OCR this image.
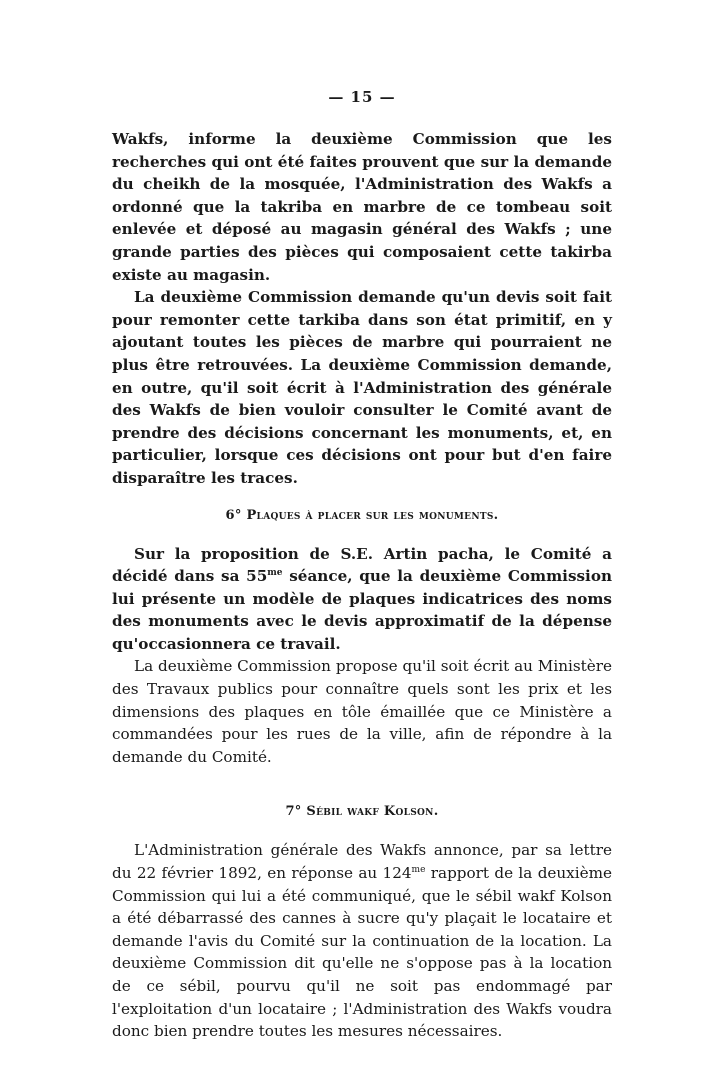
— 15 —

Wakfs, informe la deuxième Commission que les recherches qui ont été faites prouvent que sur la demande du cheikh de la mosquée, l'Administration des Wakfs a ordonné que la takriba en marbre de ce tombeau soit enlevée et déposé au magasin général des Wakfs ; une grande parties des pièces qui composaient cette takirba existe au magasin.

La deuxième Commission demande qu'un devis soit fait pour remonter cette tarkiba dans son état primitif, en y ajoutant toutes les pièces de marbre qui pourraient ne plus être retrouvées. La deuxième Commission demande, en outre, qu'il soit écrit à l'Administration des générale des Wakfs de bien vouloir consulter le Comité avant de prendre des décisions concernant les monuments, et, en particulier, lorsque ces décisions ont pour but d'en faire disparaître les traces.

6° Plaques à placer sur les monuments.

Sur la proposition de S.E. Artin pacha, le Comité a décidé dans sa $55^{me}$ séance, que la deuxième Commission lui présente un modèle de plaques indicatrices des noms des monuments avec le devis approximatif de la dépense qu'occasionnera ce travail.

La deuxième Commission propose qu'il soit écrit au Ministère des Travaux publics pour connaître quels sont les prix et les dimensions des plaques en tôle émaillée que ce Ministère a commandées pour les rues de la ville, afin de répondre à la demande du Comité.

7° Sébil wakf Kolson.

L'Administration générale des Wakfs annonce, par sa lettre du 22 février 1892, en réponse au $124^{me}$ rapport de la deuxième Commission qui lui a été communiqué, que le sébil wakf Kolson a été débarrassé des cannes à sucre qu'y plaçait le locataire et demande l'avis du Comité sur la continuation de la location. La deuxième Commission dit qu'elle ne s'oppose pas à la location de ce sébil, pourvu qu'il ne soit pas endommagé par l'exploitation d'un locataire ; l'Administration des Wakfs voudra donc bien prendre toutes les mesures nécessaires.
